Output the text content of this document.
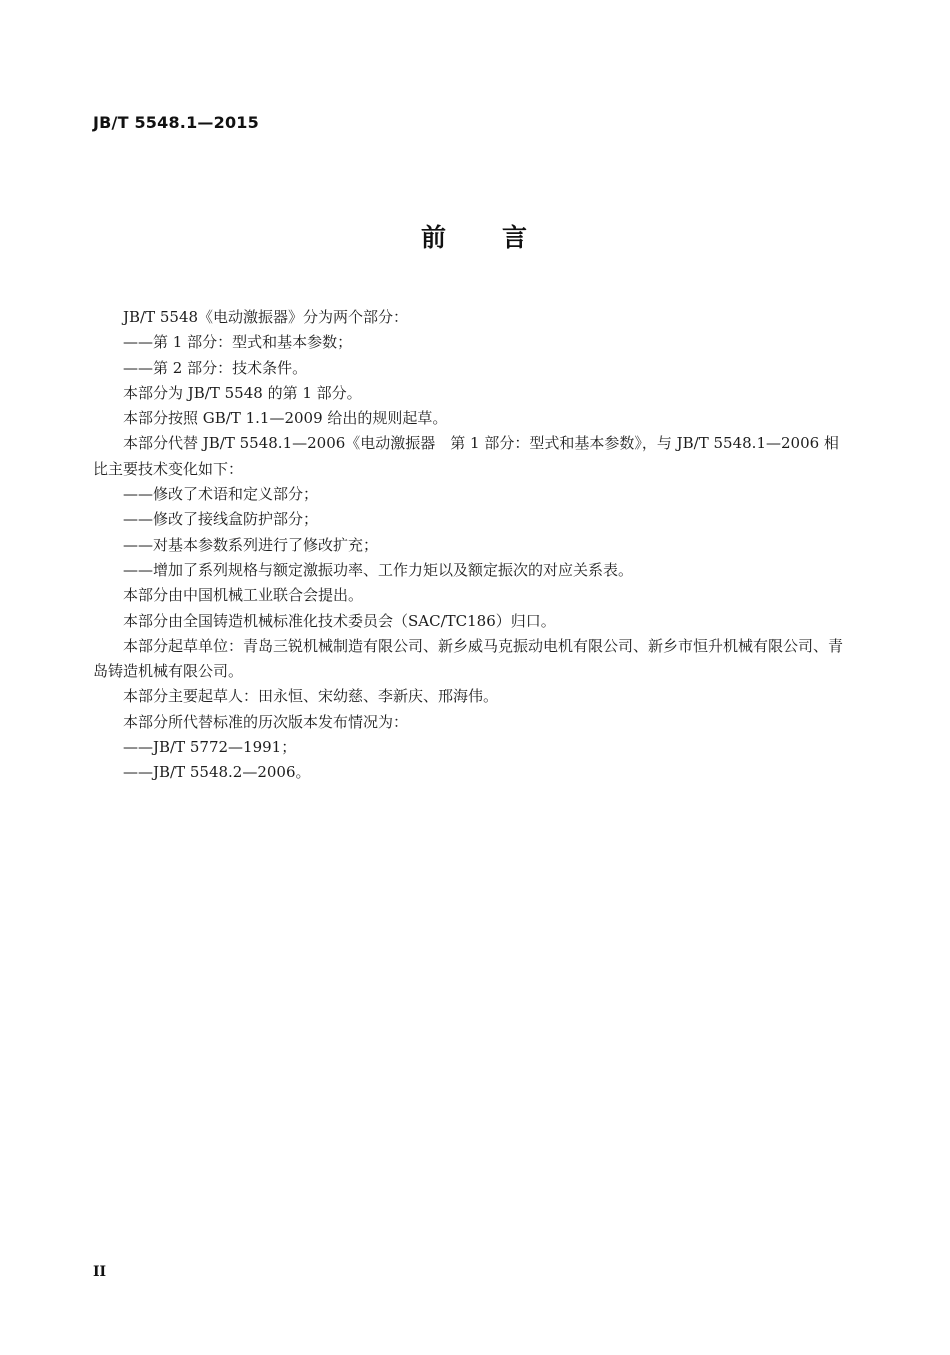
JB/T 5548.1—2015
前　　言

JB/T 5548《电动激振器》分为两个部分：

——第 1 部分：型式和基本参数；

——第 2 部分：技术条件。

本部分为 JB/T 5548 的第 1 部分。

本部分按照 GB/T 1.1—2009 给出的规则起草。

本部分代替 JB/T 5548.1—2006《电动激振器　第 1 部分：型式和基本参数》，与 JB/T 5548.1—2006 相比主要技术变化如下：

——修改了术语和定义部分；

——修改了接线盒防护部分；

——对基本参数系列进行了修改扩充；

——增加了系列规格与额定激振功率、工作力矩以及额定振次的对应关系表。

本部分由中国机械工业联合会提出。

本部分由全国铸造机械标准化技术委员会（SAC/TC186）归口。

本部分起草单位：青岛三锐机械制造有限公司、新乡威马克振动电机有限公司、新乡市恒升机械有限公司、青岛铸造机械有限公司。

本部分主要起草人：田永恒、宋幼慈、李新庆、邢海伟。

本部分所代替标准的历次版本发布情况为：

——JB/T 5772—1991；

——JB/T 5548.2—2006。

II
